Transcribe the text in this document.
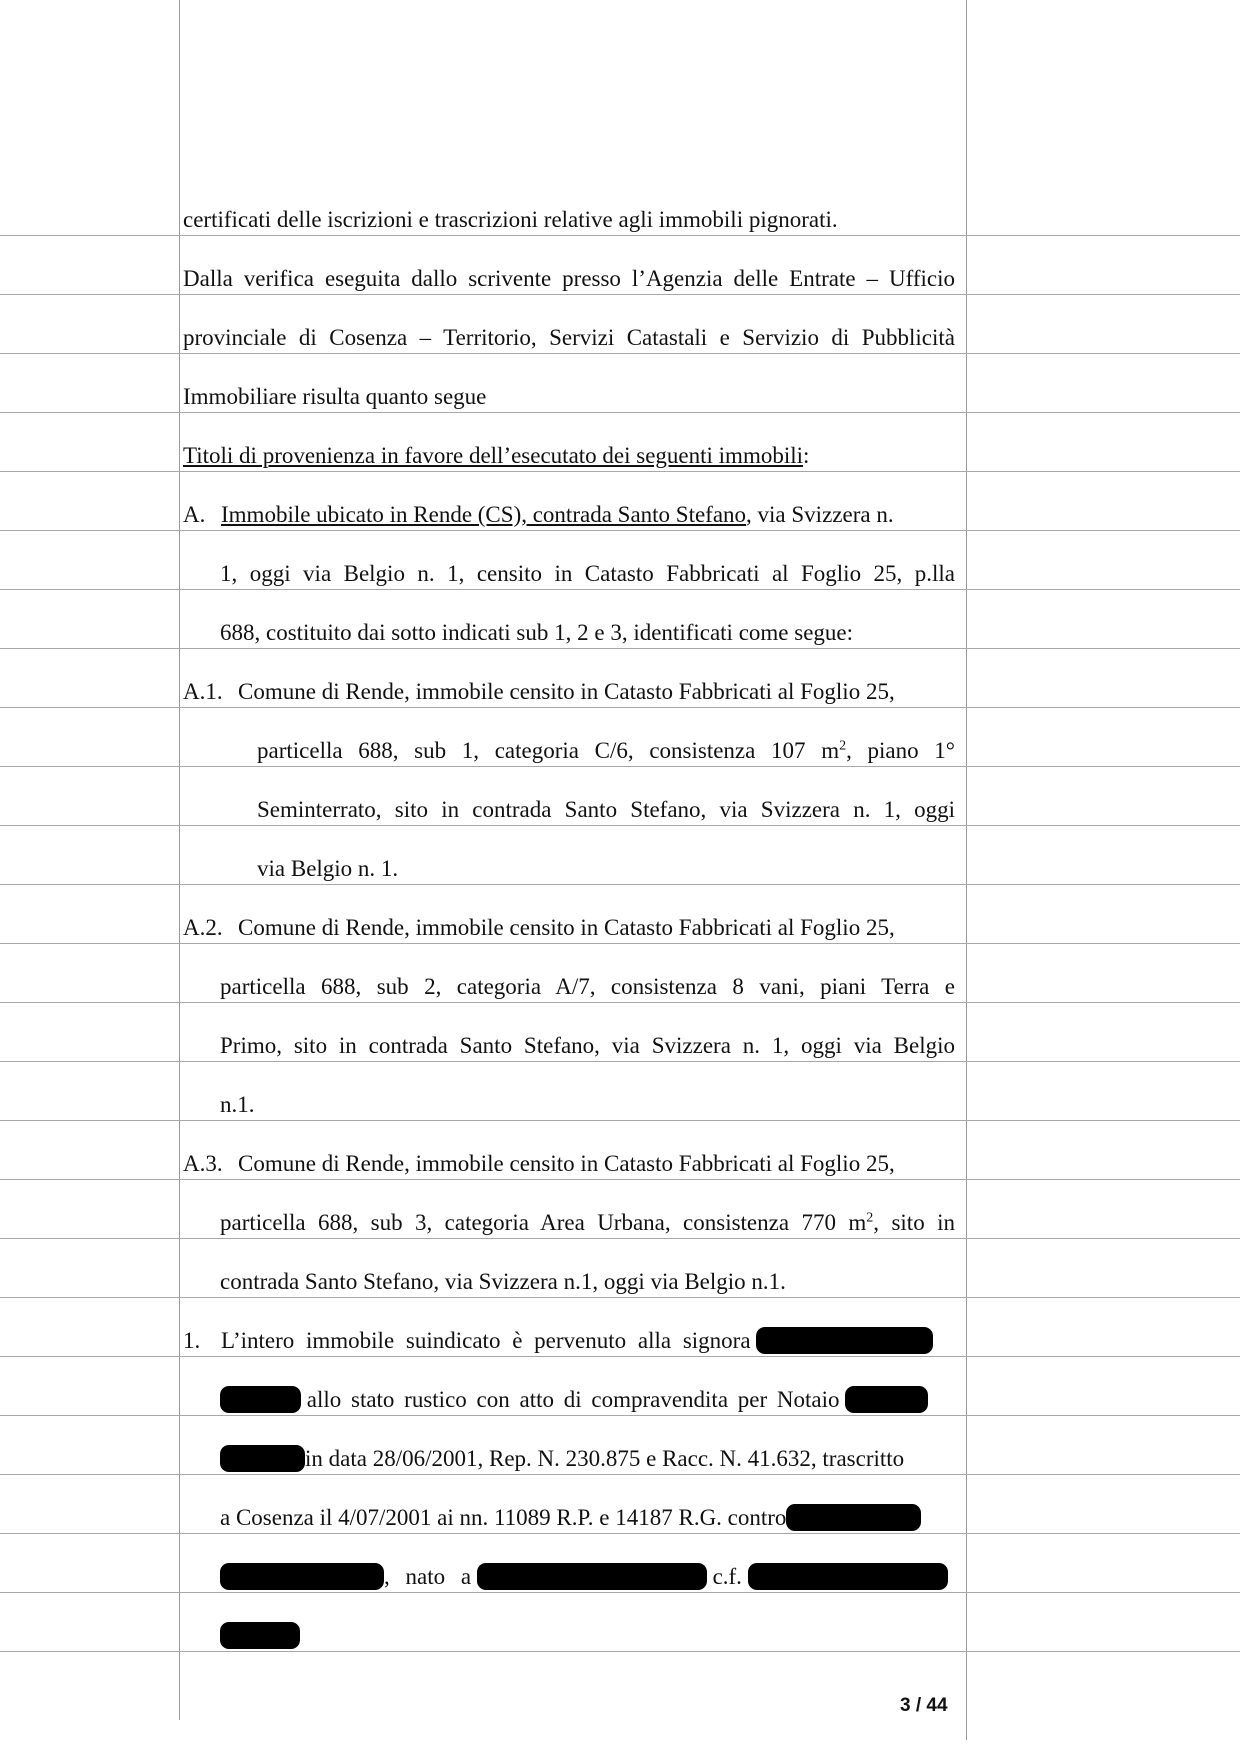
certificati delle iscrizioni e trascrizioni relative agli immobili pignorati.
Dalla verifica eseguita dallo scrivente presso l’Agenzia delle Entrate – Ufficio
provinciale di Cosenza – Territorio, Servizi Catastali e Servizio di Pubblicità
Immobiliare risulta quanto segue
Titoli di provenienza in favore dell’esecutato dei seguenti immobili:
A. Immobile ubicato in Rende (CS), contrada Santo Stefano, via Svizzera n.
1, oggi via Belgio n. 1, censito in Catasto Fabbricati al Foglio 25, p.lla
688, costituito dai sotto indicati sub 1, 2 e 3, identificati come segue:
A.1. Comune di Rende, immobile censito in Catasto Fabbricati al Foglio 25,
particella 688, sub 1, categoria C/6, consistenza 107 $m^2$, piano 1°
Seminterrato, sito in contrada Santo Stefano, via Svizzera n. 1, oggi
via Belgio n. 1.
A.2. Comune di Rende, immobile censito in Catasto Fabbricati al Foglio 25,
particella 688, sub 2, categoria A/7, consistenza 8 vani, piani Terra e
Primo, sito in contrada Santo Stefano, via Svizzera n. 1, oggi via Belgio
n.1.
A.3. Comune di Rende, immobile censito in Catasto Fabbricati al Foglio 25,
particella 688, sub 3, categoria Area Urbana, consistenza 770 $m^2$, sito in
contrada Santo Stefano, via Svizzera n.1, oggi via Belgio n.1.
1. L’intero immobile suindicato è pervenuto alla signora
allo stato rustico con atto di compravendita per Notaio
in data 28/06/2001, Rep. N. 230.875 e Racc. N. 41.632, trascritto
a Cosenza il 4/07/2001 ai nn. 11089 R.P. e 14187 R.G. contro
, nato a	c.f.
3 / 44
